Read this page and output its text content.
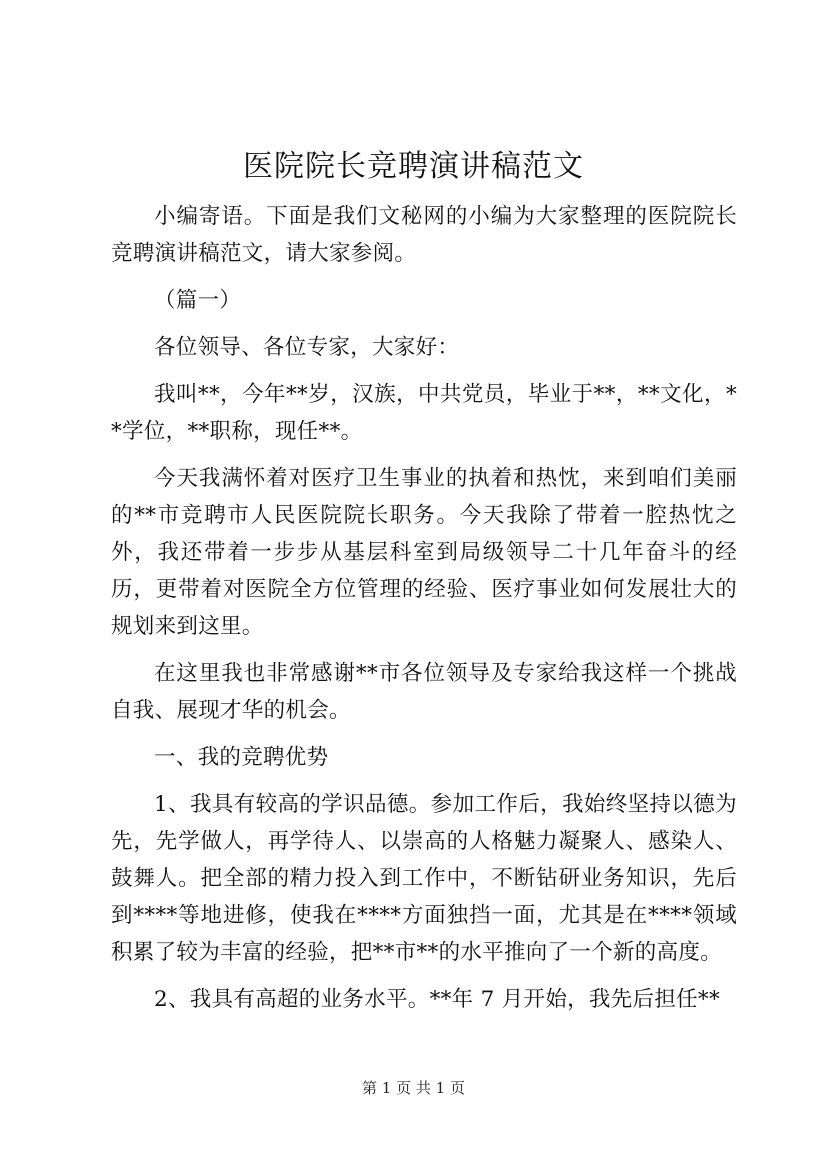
医院院长竞聘演讲稿范文

小编寄语。下面是我们文秘网的小编为大家整理的医院院长竞聘演讲稿范文，请大家参阅。

（篇一）

各位领导、各位专家，大家好：

我叫**，今年**岁，汉族，中共党员，毕业于**，**文化，**学位，**职称，现任**。

今天我满怀着对医疗卫生事业的执着和热忱，来到咱们美丽的**市竞聘市人民医院院长职务。今天我除了带着一腔热忱之外，我还带着一步步从基层科室到局级领导二十几年奋斗的经历，更带着对医院全方位管理的经验、医疗事业如何发展壮大的规划来到这里。

在这里我也非常感谢**市各位领导及专家给我这样一个挑战自我、展现才华的机会。

一、我的竞聘优势

1、我具有较高的学识品德。参加工作后，我始终坚持以德为先，先学做人，再学待人、以崇高的人格魅力凝聚人、感染人、鼓舞人。把全部的精力投入到工作中，不断钻研业务知识，先后到****等地进修，使我在****方面独挡一面，尤其是在****领域积累了较为丰富的经验，把**市**的水平推向了一个新的高度。

2、我具有高超的业务水平。**年 7 月开始，我先后担任**

第 1 页 共 1 页
